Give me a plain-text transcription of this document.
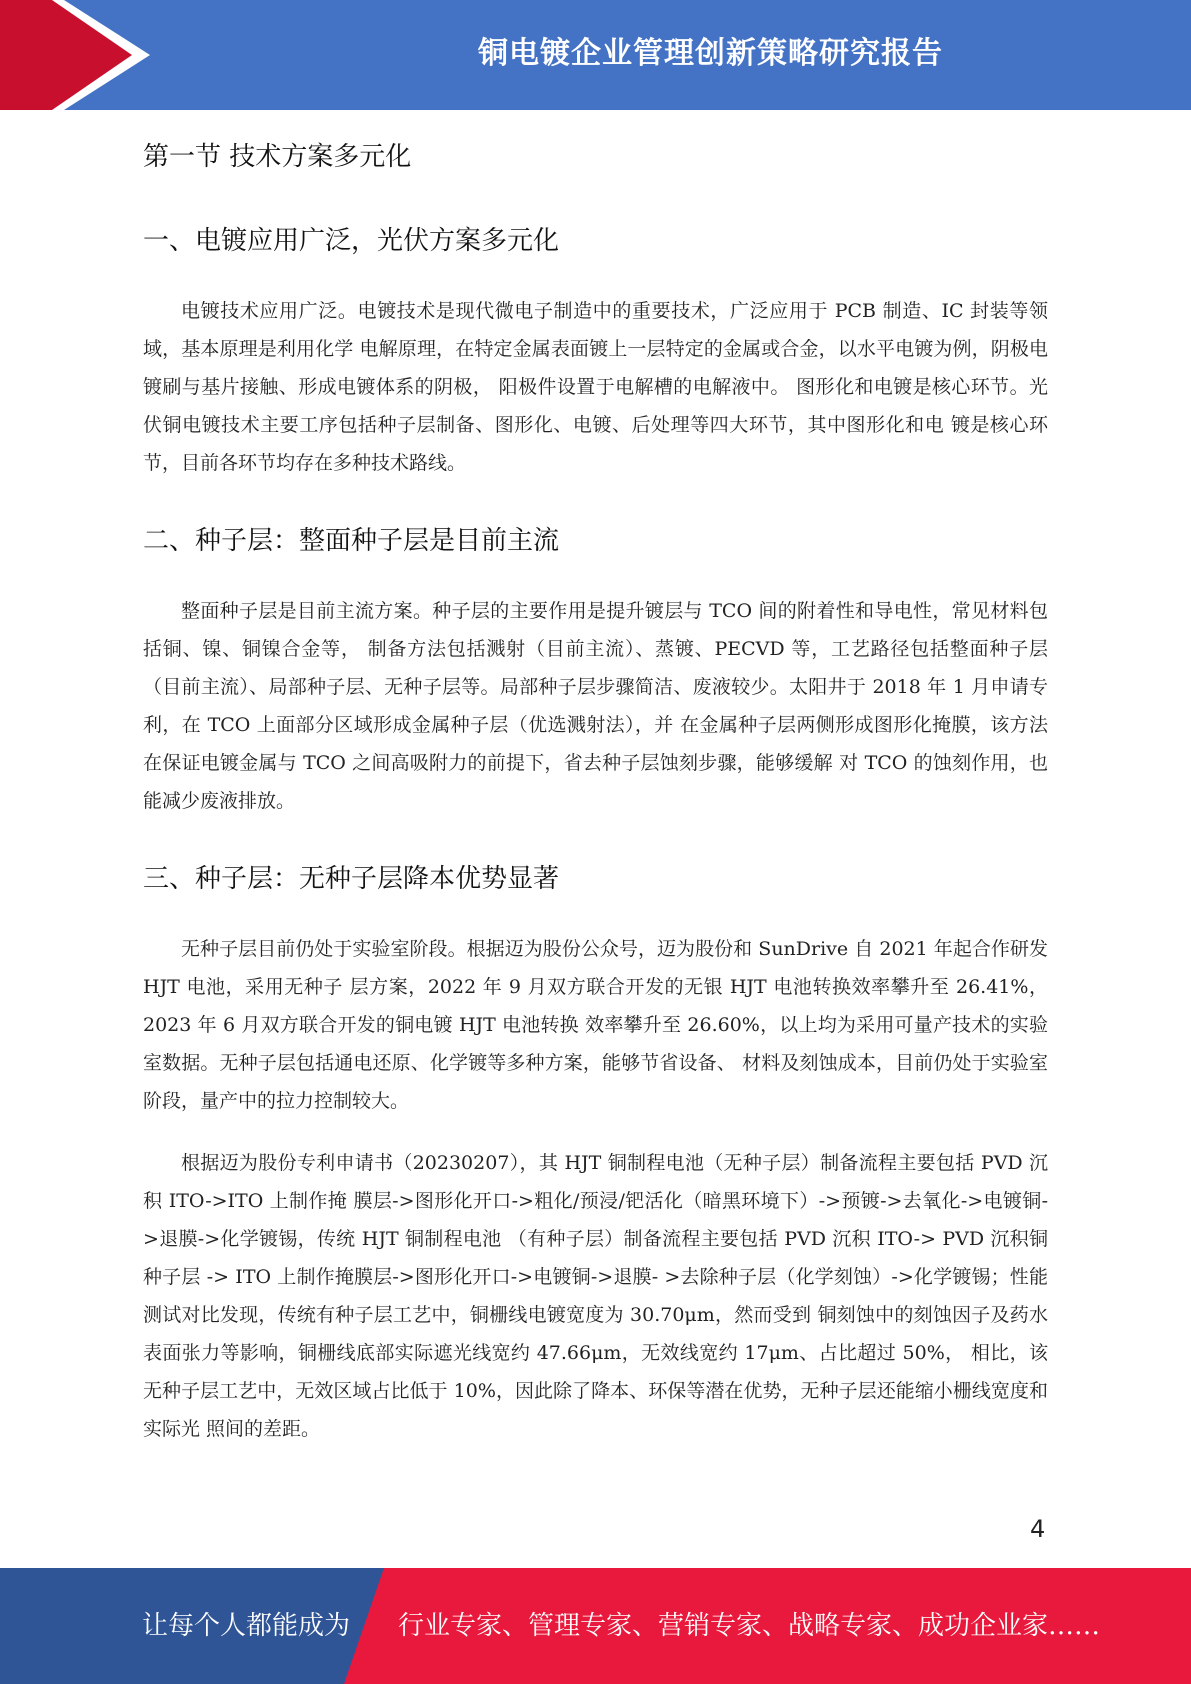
铜电镀企业管理创新策略研究报告
第一节 技术方案多元化
一、电镀应用广泛，光伏方案多元化

电镀技术应用广泛。电镀技术是现代微电子制造中的重要技术，广泛应用于 PCB 制造、IC 封装等领域，基本原理是利用化学 电解原理，在特定金属表面镀上一层特定的金属或合金，以水平电镀为例，阴极电镀刷与基片接触、形成电镀体系的阴极， 阳极件设置于电解槽的电解液中。 图形化和电镀是核心环节。光伏铜电镀技术主要工序包括种子层制备、图形化、电镀、后处理等四大环节，其中图形化和电 镀是核心环节，目前各环节均存在多种技术路线。

二、种子层：整面种子层是目前主流

整面种子层是目前主流方案。种子层的主要作用是提升镀层与 TCO 间的附着性和导电性，常见材料包括铜、镍、铜镍合金等， 制备方法包括溅射（目前主流）、蒸镀、PECVD 等，工艺路径包括整面种子层（目前主流）、局部种子层、无种子层等。局部种子层步骤简洁、废液较少。太阳井于 2018 年 1 月申请专利，在 TCO 上面部分区域形成金属种子层（优选溅射法），并 在金属种子层两侧形成图形化掩膜，该方法在保证电镀金属与 TCO 之间高吸附力的前提下，省去种子层蚀刻步骤，能够缓解 对 TCO 的蚀刻作用，也能减少废液排放。

三、种子层：无种子层降本优势显著

无种子层目前仍处于实验室阶段。根据迈为股份公众号，迈为股份和 SunDrive 自 2021 年起合作研发 HJT 电池，采用无种子 层方案，2022 年 9 月双方联合开发的无银 HJT 电池转换效率攀升至 26.41%，2023 年 6 月双方联合开发的铜电镀 HJT 电池转换 效率攀升至 26.60%，以上均为采用可量产技术的实验室数据。无种子层包括通电还原、化学镀等多种方案，能够节省设备、 材料及刻蚀成本，目前仍处于实验室阶段，量产中的拉力控制较大。

根据迈为股份专利申请书（20230207），其 HJT 铜制程电池（无种子层）制备流程主要包括 PVD 沉积 ITO->ITO 上制作掩 膜层->图形化开口->粗化/预浸/钯活化（暗黑环境下）->预镀->去氧化->电镀铜->退膜->化学镀锡，传统 HJT 铜制程电池 （有种子层）制备流程主要包括 PVD 沉积 ITO-> PVD 沉积铜种子层 -> ITO 上制作掩膜层->图形化开口->电镀铜->退膜- >去除种子层（化学刻蚀）->化学镀锡；性能测试对比发现，传统有种子层工艺中，铜栅线电镀宽度为 30.70μm，然而受到 铜刻蚀中的刻蚀因子及药水表面张力等影响，铜栅线底部实际遮光线宽约 47.66μm，无效线宽约 17μm、占比超过 50%， 相比，该无种子层工艺中，无效区域占比低于 10%，因此除了降本、环保等潜在优势，无种子层还能缩小栅线宽度和实际光 照间的差距。

4
让每个人都能成为 行业专家、管理专家、营销专家、战略专家、成功企业家……
